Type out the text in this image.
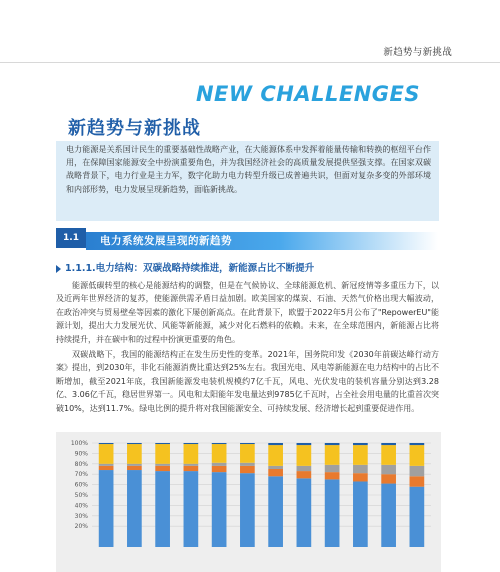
新趋势与新挑战
NEW CHALLENGES
新趋势与新挑战
电力能源是关系国计民生的重要基础性战略产业，在大能源体系中发挥着能量传输和转换的枢纽平台作用，在保障国家能源安全中扮演重要角色，并为我国经济社会的高质量发展提供坚强支撑。在国家双碳战略背景下，电力行业是主力军，数字化助力电力转型升级已成普遍共识，但面对复杂多变的外部环境和内部形势，电力发展呈现新趋势，面临新挑战。
1.1	电力系统发展呈现的新趋势
1.1.1.电力结构：双碳战略持续推进，新能源占比不断提升
能源低碳转型的核心是能源结构的调整，但是在气候协议、全球能源危机、新冠疫情等多重压力下，以及近两年世界经济的复苏，使能源供需矛盾日益加剧。欧美国家的煤炭、石油、天然气价格出现大幅波动，在政治冲突与贸易壁垒等因素的激化下屡创新高点。在此背景下，欧盟于2022年5月公布了"RepowerEU"能源计划，提出大力发展光伏、风能等新能源，减少对化石燃料的依赖。未来，在全球范围内，新能源占比将持续提升，并在碳中和的过程中扮演更重要的角色。
双碳战略下，我国的能源结构正在发生历史性的变革。2021年，国务院印发《2030年前碳达峰行动方案》提出，到2030年，非化石能源消费比重达到25%左右。我国光电、风电等新能源在电力结构中的占比不断增加，截至2021年底，我国新能源发电装机规模约7亿千瓦，风电、光伏发电的装机容量分别达到3.28亿、3.06亿千瓦，稳居世界第一。风电和太阳能年发电量达到9785亿千瓦时，占全社会用电量的比重首次突破10%，达到11.7%。绿电比例的提升将对我国能源安全、可持续发展、经济增长起到重要促进作用。
100%
90%
80%
70%
60%
50%
40%
30%
20%
